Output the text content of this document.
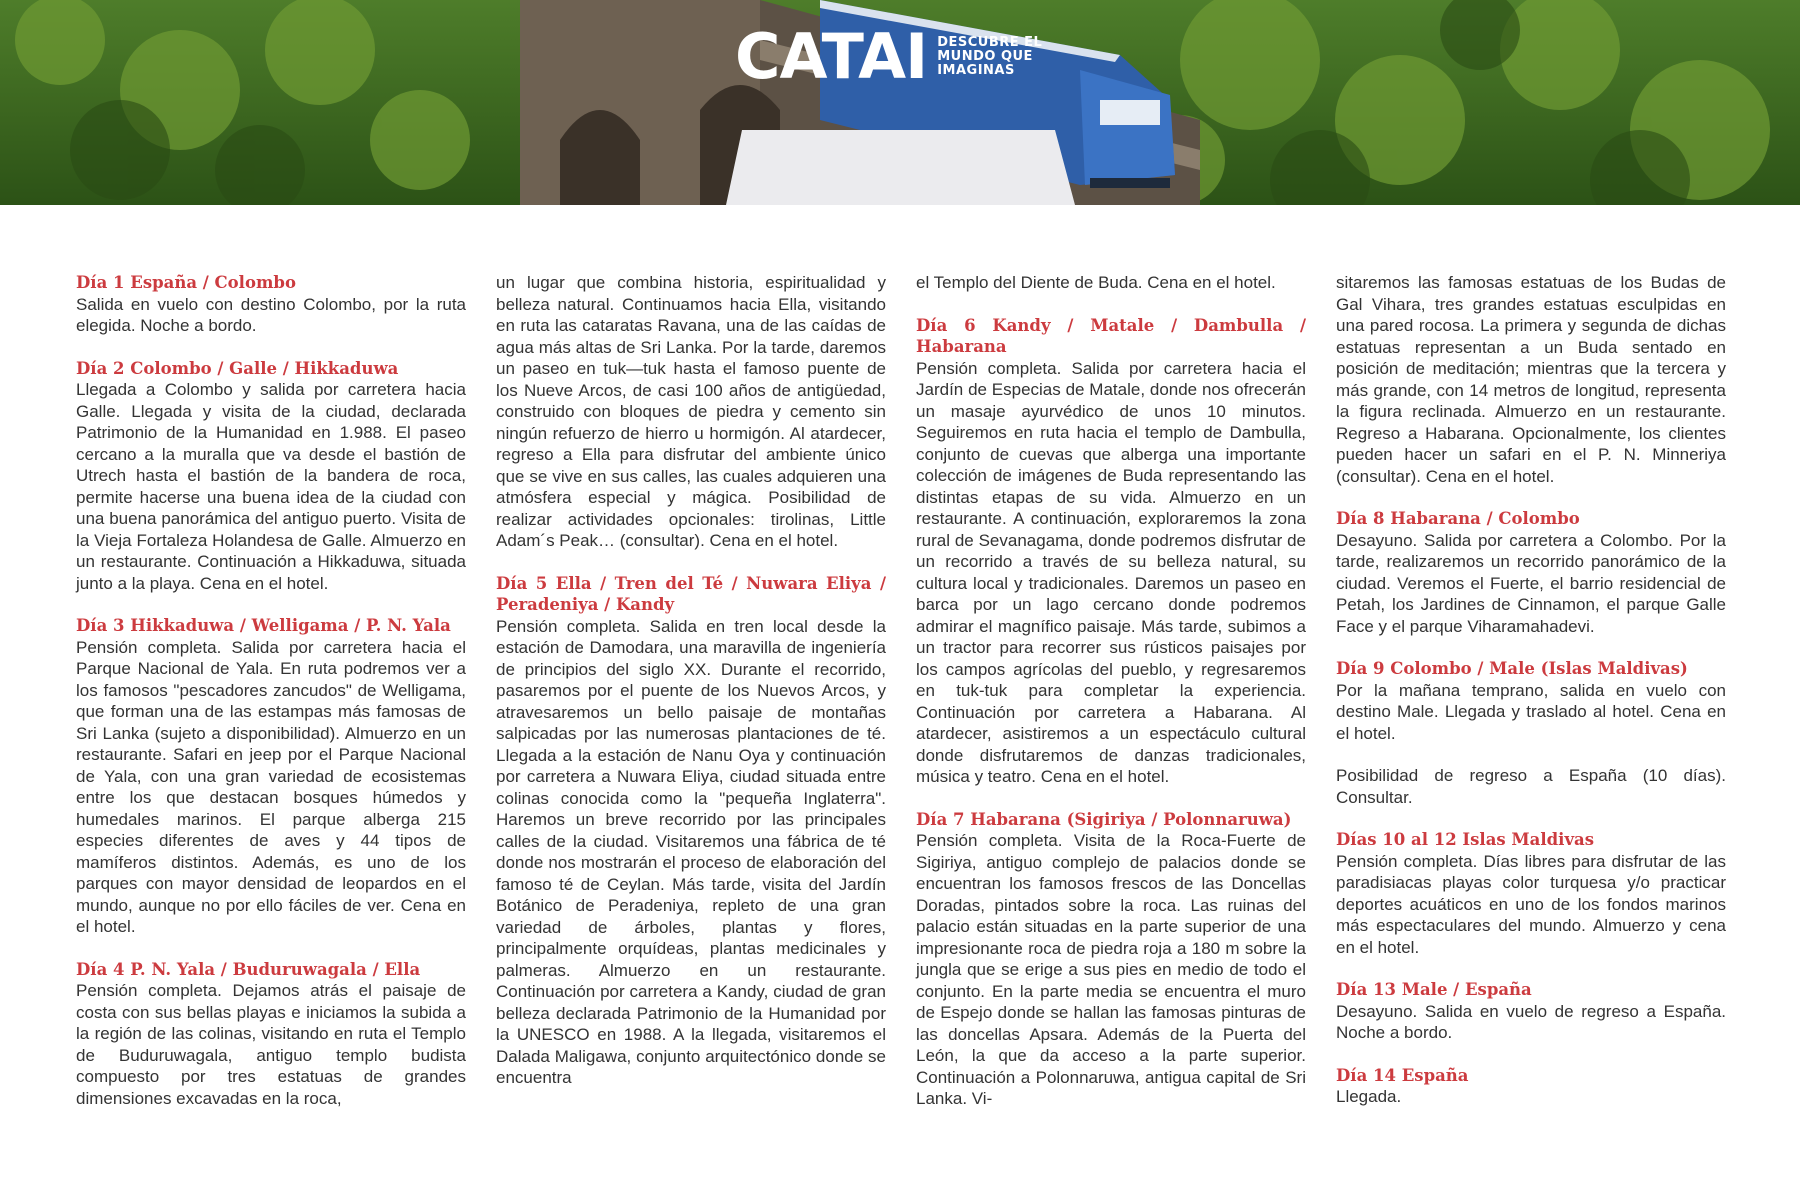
CATAI DESCUBRE EL
MUNDO QUE
IMAGINAS

Día 1 España / Colombo
Salida en vuelo con destino Colombo, por la ruta elegida. Noche a bordo.

Día 2 Colombo / Galle / Hikkaduwa
Llegada a Colombo y salida por carretera hacia Galle. Llegada y visita de la ciudad, declarada Patrimonio de la Humanidad en 1.988. El paseo cercano a la muralla que va desde el bastión de Utrech hasta el bastión de la bandera de roca, permite hacerse una buena idea de la ciudad con una buena panorámica del antiguo puerto. Visita de la Vieja Fortaleza Holandesa de Galle. Almuerzo en un restaurante. Continuación a Hikkaduwa, situada junto a la playa. Cena en el hotel.

Día 3 Hikkaduwa / Welligama / P. N. Yala
Pensión completa. Salida por carretera hacia el Parque Nacional de Yala. En ruta podremos ver a los famosos "pescadores zancudos" de Welligama, que forman una de las estampas más famosas de Sri Lanka (sujeto a disponibilidad). Almuerzo en un restaurante. Safari en jeep por el Parque Nacional de Yala, con una gran variedad de ecosistemas entre los que destacan bosques húmedos y humedales marinos. El parque alberga 215 especies diferentes de aves y 44 tipos de mamíferos distintos. Además, es uno de los parques con mayor densidad de leopardos en el mundo, aunque no por ello fáciles de ver. Cena en el hotel.

Día 4 P. N. Yala / Buduruwagala / Ella
Pensión completa. Dejamos atrás el paisaje de costa con sus bellas playas e iniciamos la subida a la región de las colinas, visitando en ruta el Templo de Buduruwagala, antiguo templo budista compuesto por tres estatuas de grandes dimensiones excavadas en la roca,

un lugar que combina historia, espiritualidad y belleza natural. Continuamos hacia Ella, visitando en ruta las cataratas Ravana, una de las caídas de agua más altas de Sri Lanka. Por la tarde, daremos un paseo en tuk—tuk hasta el famoso puente de los Nueve Arcos, de casi 100 años de antigüedad, construido con bloques de piedra y cemento sin ningún refuerzo de hierro u hormigón. Al atardecer, regreso a Ella para disfrutar del ambiente único que se vive en sus calles, las cuales adquieren una atmósfera especial y mágica. Posibilidad de realizar actividades opcionales: tirolinas, Little Adam´s Peak… (consultar). Cena en el hotel.

Día 5 Ella / Tren del Té / Nuwara Eliya / Peradeniya / Kandy
Pensión completa. Salida en tren local desde la estación de Damodara, una maravilla de ingeniería de principios del siglo XX. Durante el recorrido, pasaremos por el puente de los Nuevos Arcos, y atravesaremos un bello paisaje de montañas salpicadas por las numerosas plantaciones de té. Llegada a la estación de Nanu Oya y continuación por carretera a Nuwara Eliya, ciudad situada entre colinas conocida como la "pequeña Inglaterra". Haremos un breve recorrido por las principales calles de la ciudad. Visitaremos una fábrica de té donde nos mostrarán el proceso de elaboración del famoso té de Ceylan. Más tarde, visita del Jardín Botánico de Peradeniya, repleto de una gran variedad de árboles, plantas y flores, principalmente orquídeas, plantas medicinales y palmeras. Almuerzo en un restaurante. Continuación por carretera a Kandy, ciudad de gran belleza declarada Patrimonio de la Humanidad por la UNESCO en 1988. A la llegada, visitaremos el Dalada Maligawa, conjunto arquitectónico donde se encuentra

el Templo del Diente de Buda. Cena en el hotel.

Día 6 Kandy / Matale / Dambulla / Habarana
Pensión completa. Salida por carretera hacia el Jardín de Especias de Matale, donde nos ofrecerán un masaje ayurvédico de unos 10 minutos. Seguiremos en ruta hacia el templo de Dambulla, conjunto de cuevas que alberga una importante colección de imágenes de Buda representando las distintas etapas de su vida. Almuerzo en un restaurante. A continuación, exploraremos la zona rural de Sevanagama, donde podremos disfrutar de un recorrido a través de su belleza natural, su cultura local y tradicionales. Daremos un paseo en barca por un lago cercano donde podremos admirar el magnífico paisaje. Más tarde, subimos a un tractor para recorrer sus rústicos paisajes por los campos agrícolas del pueblo, y regresaremos en tuk-tuk para completar la experiencia. Continuación por carretera a Habarana. Al atardecer, asistiremos a un espectáculo cultural donde disfrutaremos de danzas tradicionales, música y teatro. Cena en el hotel.

Día 7 Habarana (Sigiriya / Polonnaruwa)
Pensión completa. Visita de la Roca-Fuerte de Sigiriya, antiguo complejo de palacios donde se encuentran los famosos frescos de las Doncellas Doradas, pintados sobre la roca. Las ruinas del palacio están situadas en la parte superior de una impresionante roca de piedra roja a 180 m sobre la jungla que se erige a sus pies en medio de todo el conjunto. En la parte media se encuentra el muro de Espejo donde se hallan las famosas pinturas de las doncellas Apsara. Además de la Puerta del León, la que da acceso a la parte superior. Continuación a Polonnaruwa, antigua capital de Sri Lanka. Vi-

sitaremos las famosas estatuas de los Budas de Gal Vihara, tres grandes estatuas esculpidas en una pared rocosa. La primera y segunda de dichas estatuas representan a un Buda sentado en posición de meditación; mientras que la tercera y más grande, con 14 metros de longitud, representa la figura reclinada. Almuerzo en un restaurante. Regreso a Habarana. Opcionalmente, los clientes pueden hacer un safari en el P. N. Minneriya (consultar). Cena en el hotel.

Día 8 Habarana / Colombo
Desayuno. Salida por carretera a Colombo. Por la tarde, realizaremos un recorrido panorámico de la ciudad. Veremos el Fuerte, el barrio residencial de Petah, los Jardines de Cinnamon, el parque Galle Face y el parque Viharamahadevi.

Día 9 Colombo / Male (Islas Maldivas)
Por la mañana temprano, salida en vuelo con destino Male. Llegada y traslado al hotel. Cena en el hotel.

Posibilidad de regreso a España (10 días). Consultar.

Días 10 al 12 Islas Maldivas
Pensión completa. Días libres para disfrutar de las paradisiacas playas color turquesa y/o practicar deportes acuáticos en uno de los fondos marinos más espectaculares del mundo. Almuerzo y cena en el hotel.

Día 13 Male / España
Desayuno. Salida en vuelo de regreso a España. Noche a bordo.

Día 14 España
Llegada.
